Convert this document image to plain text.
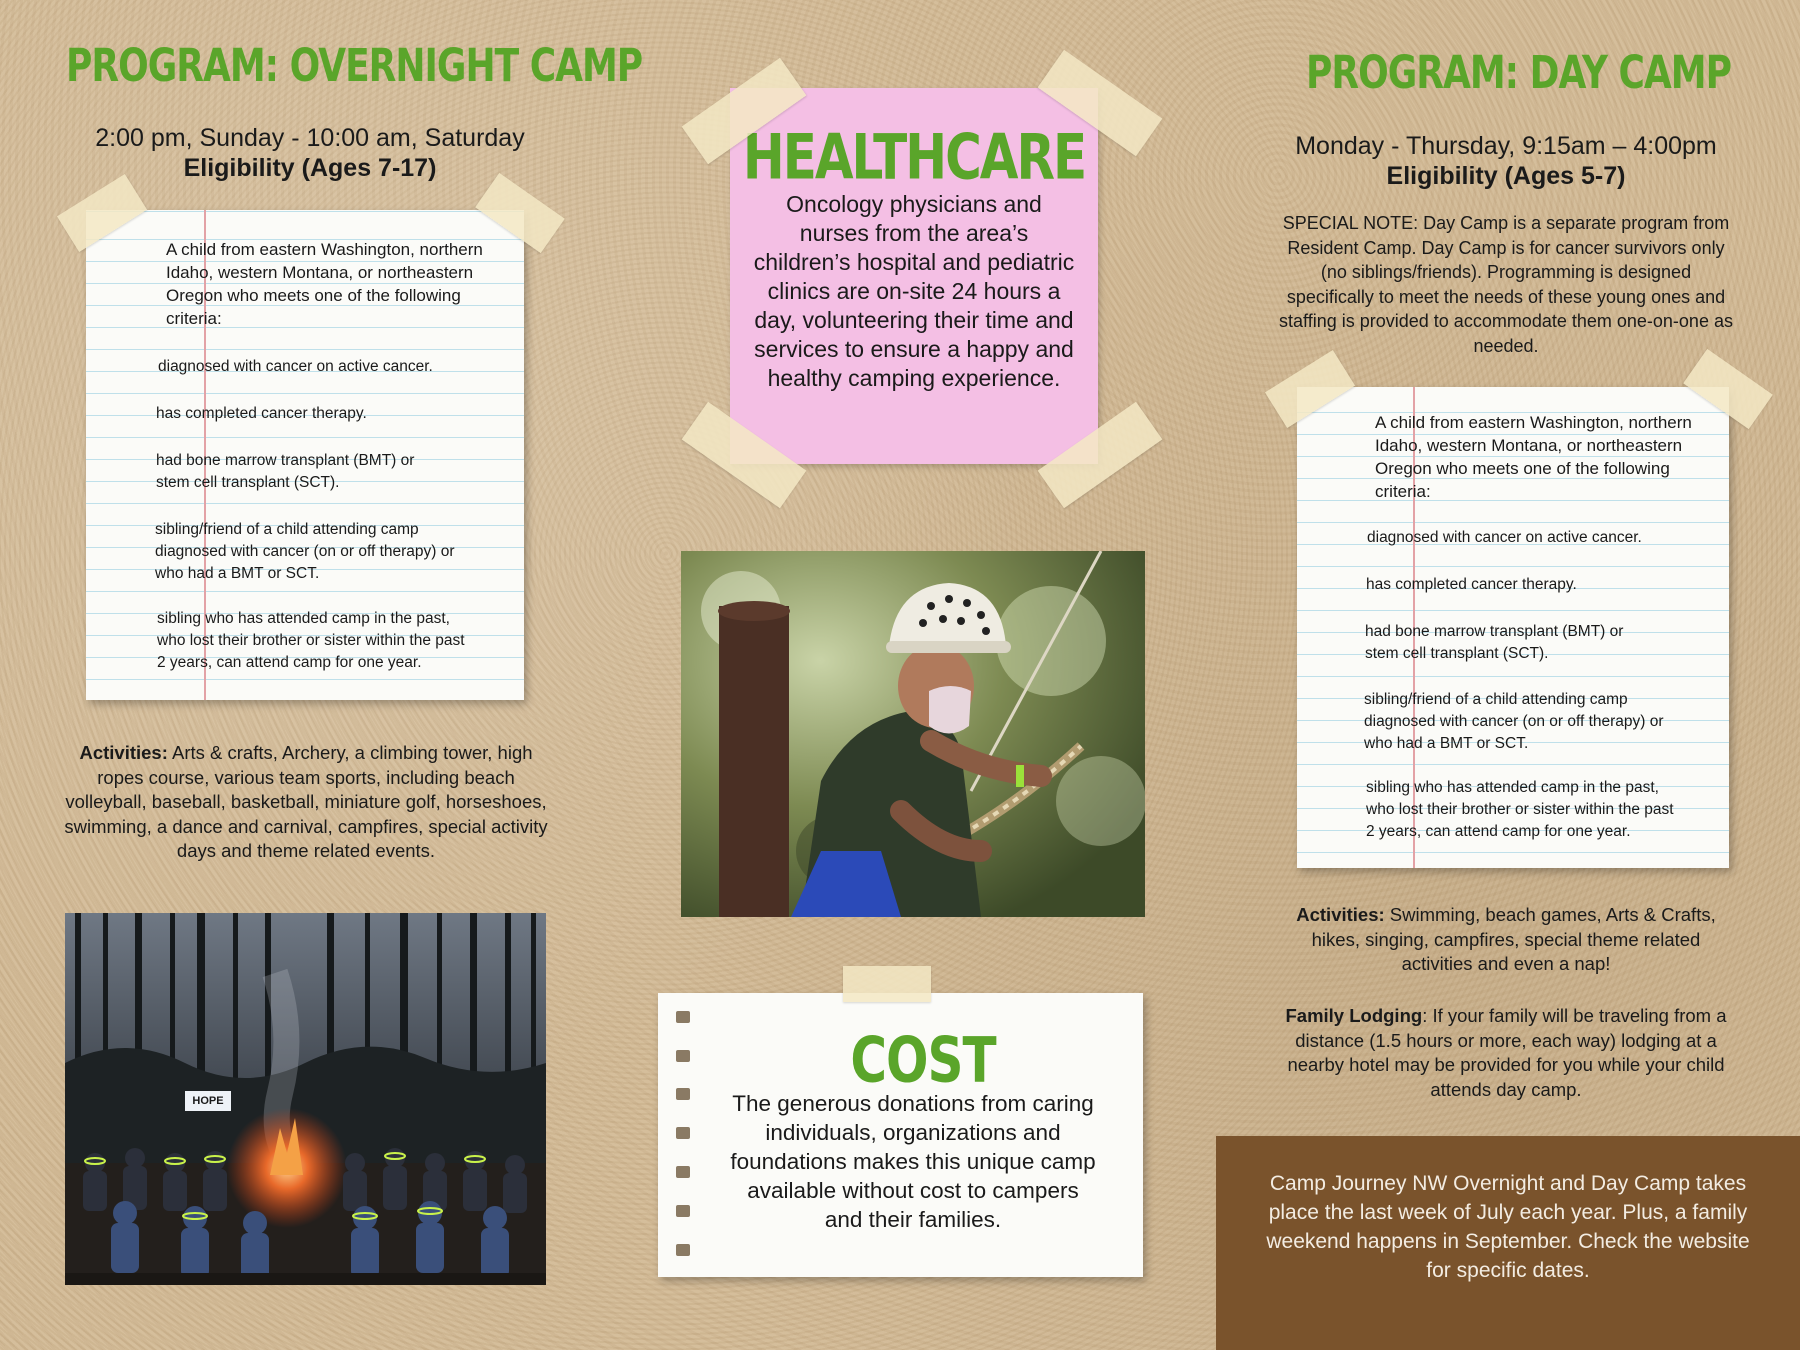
PROGRAM: OVERNIGHT CAMP
2:00 pm, Sunday - 10:00 am, Saturday
Eligibility (Ages 7-17)
A child from eastern Washington, northern Idaho, western Montana, or northeastern Oregon who meets one of the following criteria:
diagnosed with cancer on active cancer.
has completed cancer therapy.
had bone marrow transplant (BMT) or stem cell transplant (SCT).
sibling/friend of a child attending camp diagnosed with cancer (on or off therapy) or who had a BMT or SCT.
sibling who has attended camp in the past, who lost their brother or sister within the past 2 years, can attend camp for one year.
Activities: Arts & crafts, Archery, a climbing tower, high ropes course, various team sports, including beach volleyball, baseball, basketball, miniature golf, horseshoes, swimming, a dance and carnival, campfires, special activity days and theme related events.
HOPE
HEALTHCARE
Oncology physicians and nurses from the area’s children’s hospital and pediatric clinics are on-site 24 hours a day, volunteering their time and services to ensure a happy and healthy camping experience.
COST
The generous donations from caring individuals, organizations and foundations makes this unique camp available without cost to campers and their families.
PROGRAM: DAY CAMP
Monday - Thursday, 9:15am – 4:00pm
Eligibility (Ages 5-7)
SPECIAL NOTE: Day Camp is a separate program from Resident Camp. Day Camp is for cancer survivors only (no siblings/friends). Programming is designed specifically to meet the needs of these young ones and staffing is provided to accommodate them one-on-one as needed.
A child from eastern Washington, northern Idaho, western Montana, or northeastern Oregon who meets one of the following criteria:
diagnosed with cancer on active cancer.
has completed cancer therapy.
had bone marrow transplant (BMT) or stem cell transplant (SCT).
sibling/friend of a child attending camp diagnosed with cancer (on or off therapy) or who had a BMT or SCT.
sibling who has attended camp in the past, who lost their brother or sister within the past 2 years, can attend camp for one year.
Activities: Swimming, beach games, Arts & Crafts, hikes, singing, campfires, special theme related activities and even a nap!
Family Lodging: If your family will be traveling from a distance (1.5 hours or more, each way) lodging at a nearby hotel may be provided for you while your child attends day camp.
Camp Journey NW Overnight and Day Camp takes place the last week of July each year. Plus, a family weekend happens in September. Check the website for specific dates.
